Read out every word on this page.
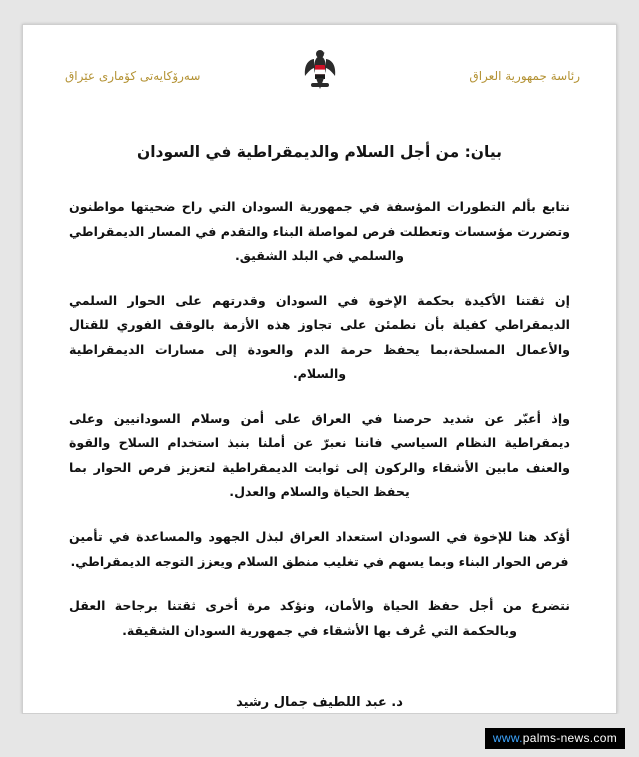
رئاسة جمهورية العراق
سەرۆکایەتی کۆماری عێراق
بيان: من أجل السلام والديمقراطية في السودان

نتابع بألم التطورات المؤسفة في جمهورية السودان التي راح ضحيتها مواطنون وتضررت مؤسسات وتعطلت فرص لمواصلة البناء والتقدم في المسار الديمقراطي والسلمي في البلد الشقيق.

إن ثقتنا الأكيدة بحكمة الإخوة في السودان وقدرتهم على الحوار السلمي الديمقراطي كفيلة بأن نطمئن على تجاوز هذه الأزمة بالوقف الفوري للقتال والأعمال المسلحة،بما يحفظ حرمة الدم والعودة إلى مسارات الديمقراطية والسلام.

وإذ أعبّر عن شديد حرصنا في العراق على أمن وسلام السودانيين وعلى ديمقراطية النظام السياسي فاننا نعبرّ عن أملنا بنبذ استخدام السلاح والقوة والعنف مابين الأشقاء والركون إلى ثوابت الديمقراطية لتعزيز فرص الحوار بما يحفظ الحياة والسلام والعدل.

أؤكد هنا للإخوة في السودان استعداد العراق لبذل الجهود والمساعدة في تأمين فرص الحوار البناء وبما يسهم في تغليب منطق السلام ويعزز التوجه الديمقراطي.

نتضرع من أجل حفظ الحياة والأمان، ونؤكد مرة أخرى ثقتنا برجاحة العقل وبالحكمة التي عُرف بها الأشقاء في جمهورية السودان الشقيقة.

د. عبد اللطيف جمال رشيد
www.palms-news.com
